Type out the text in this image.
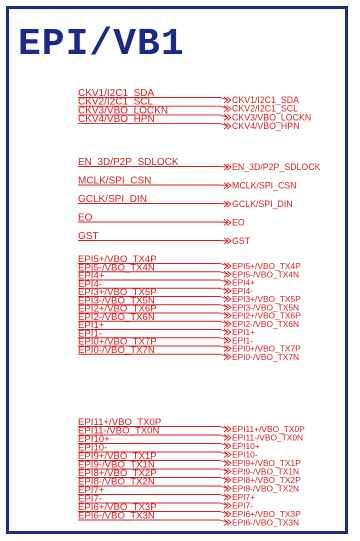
EPI/VB1
CKV1/I2C1_SDA
CKV1/I2C1_SDA
CKV2/I2C1_SCL
CKV2/I2C1_SCL
CKV3/VBO_LOCKN
CKV3/VBO_LOCKN
CKV4/VBO_HPN
CKV4/VBO_HPN
EN_3D/P2P_SDLOCK	EN_3D/P2P_SDLOCK
MCLK/SPI_CSN	MCLK/SPI_CSN
GCLK/SPI_DIN	GCLK/SPI_DIN
EO	EO
GST	GST
EPI5+/VBO_TX4P
EPI5+/VBO_TX4P
EPI5-/VBO_TX4N
EPI5-/VBO_TX4N
EPI4+
EPI4+
EPI4-
EPI4-
EPI3+/VBO_TX5P
EPI3+/VBO_TX5P
EPI3-/VBO_TX5N
EPI3-/VBO_TX5N
EPI2+/VBO_TX6P
EPI2+/VBO_TX6P
EPI2-/VBO_TX6N
EPI2-/VBO_TX6N
EPI1+
EPI1+
EPI1-
EPI1-
EPI0+/VBO_TX7P
EPI0+/VBO_TX7P
EPI0-/VBO_TX7N
EPI0-/VBO_TX7N
EPI11+/VBO_TX0P
EPI11+/VBO_TX0P
EPI11-/VBO_TX0N
EPI11-/VBO_TX0N
EPI10+
EPI10+
EPI10-
EPI10-
EPI9+/VBO_TX1P
EPI9+/VBO_TX1P
EPI9-/VBO_TX1N
EPI9-/VBO_TX1N
EPI8+/VBO_TX2P
EPI8+/VBO_TX2P
EPI8-/VBO_TX2N
EPI8-/VBO_TX2N
EPI7+
EPI7+
EPI7-
EPI7-
EPI6+/VBO_TX3P
EPI6+/VBO_TX3P
EPI6-/VBO_TX3N
EPI6-/VBO_TX3N
